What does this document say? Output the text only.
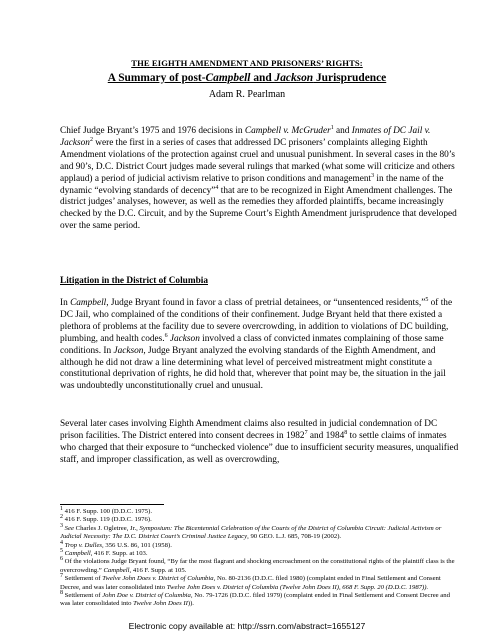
THE EIGHTH AMENDMENT AND PRISONERS’ RIGHTS:
A Summary of post-Campbell and Jackson Jurisprudence
Adam R. Pearlman

Chief Judge Bryant’s 1975 and 1976 decisions in Campbell v. McGruder$^1$ and Inmates of DC Jail v. Jackson$^2$ were the first in a series of cases that addressed DC prisoners’ complaints alleging Eighth Amendment violations of the protection against cruel and unusual punishment. In several cases in the 80’s and 90’s, D.C. District Court judges made several rulings that marked (what some will criticize and others applaud) a period of judicial activism relative to prison conditions and management$^3$ in the name of the dynamic “evolving standards of decency”$^4$ that are to be recognized in Eight Amendment challenges. The district judges’ analyses, however, as well as the remedies they afforded plaintiffs, became increasingly checked by the D.C. Circuit, and by the Supreme Court’s Eighth Amendment jurisprudence that developed over the same period.

Litigation in the District of Columbia

In Campbell, Judge Bryant found in favor a class of pretrial detainees, or “unsentenced residents,”$^5$ of the DC Jail, who complained of the conditions of their confinement. Judge Bryant held that there existed a plethora of problems at the facility due to severe overcrowding, in addition to violations of DC building, plumbing, and health codes.$^6$ Jackson involved a class of convicted inmates complaining of those same conditions. In Jackson, Judge Bryant analyzed the evolving standards of the Eighth Amendment, and although he did not draw a line determining what level of perceived mistreatment might constitute a constitutional deprivation of rights, he did hold that, wherever that point may be, the situation in the jail was undoubtedly unconstitutionally cruel and unusual.

Several later cases involving Eighth Amendment claims also resulted in judicial condemnation of DC prison facilities. The District entered into consent decrees in 1982$^7$ and 1984$^8$ to settle claims of inmates who charged that their exposure to “unchecked violence” due to insufficient security measures, unqualified staff, and improper classification, as well as overcrowding,

$^1$ 416 F. Supp. 100 (D.D.C. 1975).
$^2$ 416 F. Supp. 119 (D.D.C. 1976).
$^3$ See Charles J. Ogletree, Jr., Symposium: The Bicentennial Celebration of the Courts of the District of Columbia Circuit: Judicial Activism or Judicial Necessity: The D.C. District Court’s Criminal Justice Legacy, 90 GEO. L.J. 685, 708-19 (2002).
$^4$ Trop v. Dulles, 356 U.S. 86, 101 (1958).
$^5$ Campbell, 416 F. Supp. at 103.
$^6$ Of the violations Judge Bryant found, “By far the most flagrant and shocking encroachment on the constitutional rights of the plaintiff class is the overcrowding.” Campbell, 416 F. Supp. at 105.
$^7$ Settlement of Twelve John Does v. District of Columbia, No. 80-2136 (D.D.C. filed 1980) (complaint ended in Final Settlement and Consent Decree, and was later consolidated into Twelve John Does v. District of Columbia (Twelve John Does II), 668 F. Supp. 20 (D.D.C. 1987)).
$^8$ Settlement of John Doe v. District of Columbia, No. 79-1726 (D.D.C. filed 1979) (complaint ended in Final Settlement and Consent Decree and was later consolidated into Twelve John Does II)).
Electronic copy available at: http://ssrn.com/abstract=1655127
